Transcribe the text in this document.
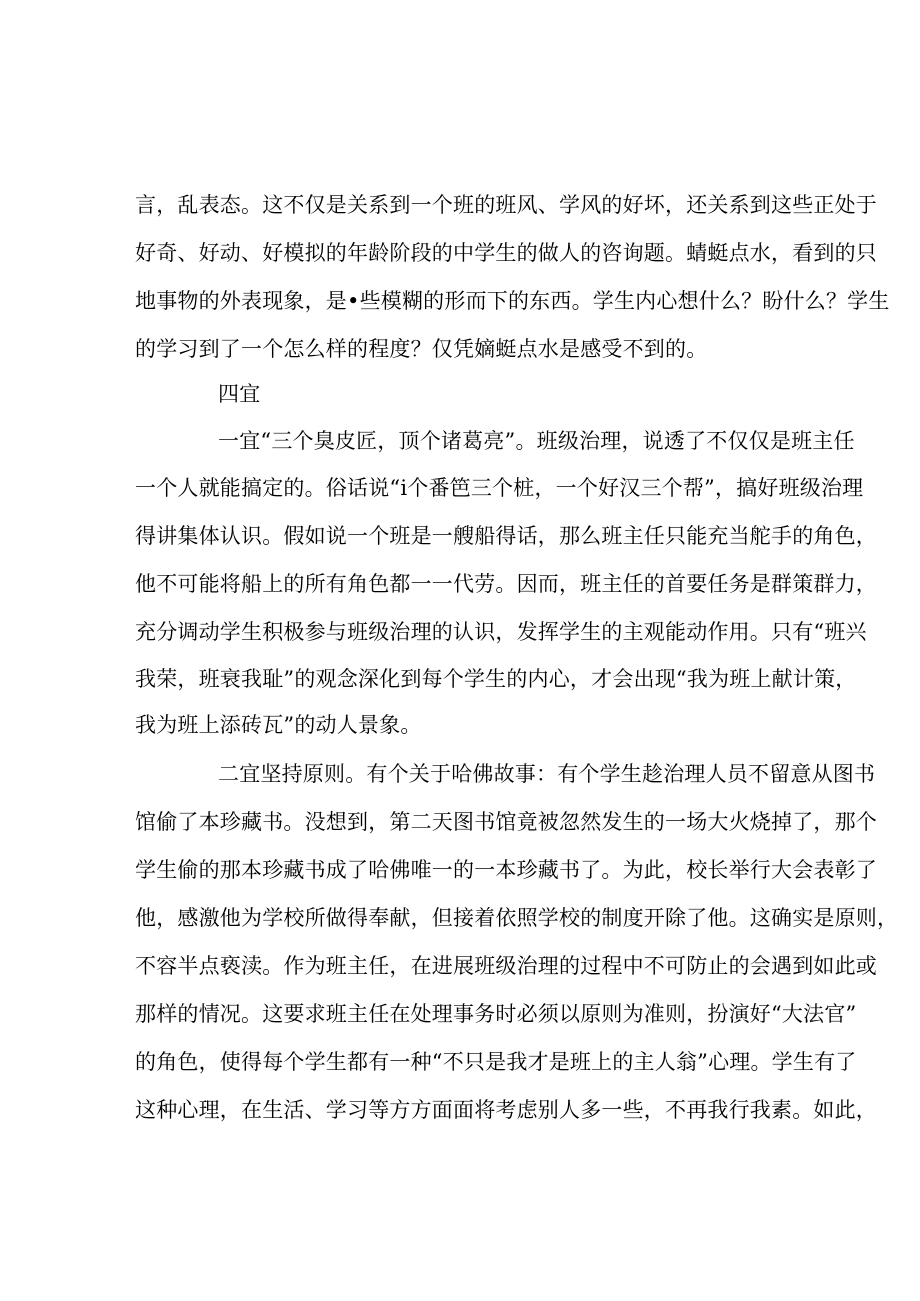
言，乱表态。这不仅是关系到一个班的班风、学风的好坏，还关系到这些正处于
好奇、好动、好模拟的年龄阶段的中学生的做人的咨询题。蜻蜓点水，看到的只
地事物的外表现象，是•些模糊的形而下的东西。学生内心想什么？盼什么？学生
的学习到了一个怎么样的程度？仅凭嫡蜓点水是感受不到的。
四宜
一宜“三个臭皮匠，顶个诸葛亮”。班级治理，说透了不仅仅是班主任
一个人就能搞定的。俗话说“i个番笆三个桩，一个好汉三个帮”，搞好班级治理
得讲集体认识。假如说一个班是一艘船得话，那么班主任只能充当舵手的角色，
他不可能将船上的所有角色都一一代劳。因而，班主任的首要任务是群策群力，
充分调动学生积极参与班级治理的认识，发挥学生的主观能动作用。只有“班兴
我荣，班衰我耻”的观念深化到每个学生的内心，才会出现“我为班上献计策，
我为班上添砖瓦”的动人景象。
二宜坚持原则。有个关于哈佛故事：有个学生趁治理人员不留意从图书
馆偷了本珍藏书。没想到，第二天图书馆竟被忽然发生的一场大火烧掉了，那个
学生偷的那本珍藏书成了哈佛唯一的一本珍藏书了。为此，校长举行大会表彰了
他，感激他为学校所做得奉献，但接着依照学校的制度开除了他。这确实是原则，
不容半点亵渎。作为班主任，在进展班级治理的过程中不可防止的会遇到如此或
那样的情况。这要求班主任在处理事务时必须以原则为准则，扮演好“大法官”
的角色，使得每个学生都有一种“不只是我才是班上的主人翁”心理。学生有了
这种心理，在生活、学习等方方面面将考虑别人多一些，不再我行我素。如此，
